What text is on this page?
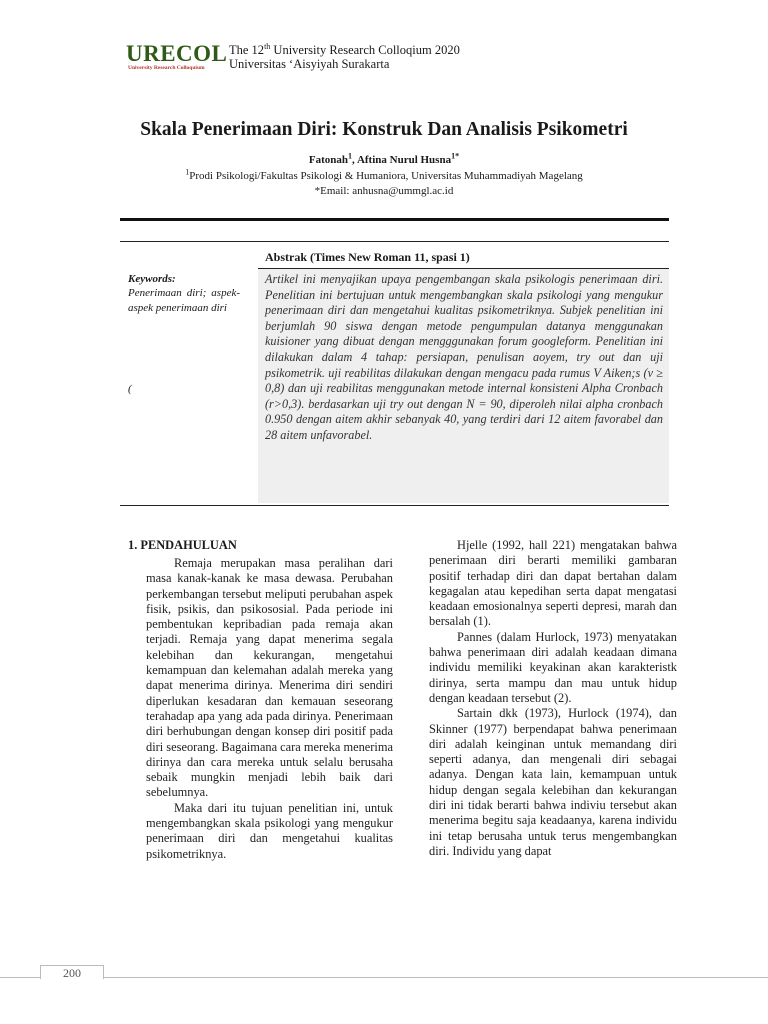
URECOL
University Research Colloquium
The 12th University Research Colloqium 2020
Universitas ‘Aisyiyah Surakarta
Skala Penerimaan Diri: Konstruk Dan Analisis Psikometri
Fatonah$^1$, Aftina Nurul Husna$^{1*}$
$^1$Prodi Psikologi/Fakultas Psikologi & Humaniora, Universitas Muhammadiyah Magelang
*Email: anhusna@ummgl.ac.id
Abstrak (Times New Roman 11, spasi 1)
Keywords:
Penerimaan diri; aspek-aspek penerimaan diri
(
Artikel ini menyajikan upaya pengembangan skala psikologis penerimaan diri. Penelitian ini bertujuan untuk mengembangkan skala psikologi yang mengukur penerimaan diri dan mengetahui kualitas psikometriknya. Subjek penelitian ini berjumlah 90 siswa dengan metode pengumpulan datanya menggunakan kuisioner yang dibuat dengan mengggunakan forum googleform. Penelitian ini dilakukan dalam 4 tahap: persiapan, penulisan aoyem, try out dan uji psikometrik. uji reabilitas dilakukan dengan mengacu pada rumus V Aiken;s (v ≥ 0,8) dan uji reabilitas menggunakan metode internal konsisteni Alpha Cronbach (r>0,3). berdasarkan uji try out dengan N = 90, diperoleh nilai alpha cronbach 0.950 dengan aitem akhir sebanyak 40, yang terdiri dari 12 aitem favorabel dan 28 aitem unfavorabel.
1. PENDAHULUAN

Remaja merupakan masa peralihan dari masa kanak-kanak ke masa dewasa. Perubahan perkembangan tersebut meliputi perubahan aspek fisik, psikis, dan psikososial. Pada periode ini pembentukan kepribadian pada remaja akan terjadi. Remaja yang dapat menerima segala kelebihan dan kekurangan, mengetahui kemampuan dan kelemahan adalah mereka yang dapat menerima dirinya. Menerima diri sendiri diperlukan kesadaran dan kemauan seseorang terahadap apa yang ada pada dirinya. Penerimaan diri berhubungan dengan konsep diri positif pada diri seseorang. Bagaimana cara mereka menerima dirinya dan cara mereka untuk selalu berusaha sebaik mungkin menjadi lebih baik dari sebelumnya.

Maka dari itu tujuan penelitian ini, untuk mengembangkan skala psikologi yang mengukur penerimaan diri dan mengetahui kualitas psikometriknya.

Hjelle (1992, hall 221) mengatakan bahwa penerimaan diri berarti memiliki gambaran positif terhadap diri dan dapat bertahan dalam kegagalan atau kepedihan serta dapat mengatasi keadaan emosionalnya seperti depresi, marah dan bersalah (1).

Pannes (dalam Hurlock, 1973) menyatakan bahwa penerimaan diri adalah keadaan dimana individu memiliki keyakinan akan karakteristk dirinya, serta mampu dan mau untuk hidup dengan keadaan tersebut (2).

Sartain dkk (1973), Hurlock (1974), dan Skinner (1977) berpendapat bahwa penerimaan diri adalah keinginan untuk memandang diri seperti adanya, dan mengenali diri sebagai adanya. Dengan kata lain, kemampuan untuk hidup dengan segala kelebihan dan kekurangan diri ini tidak berarti bahwa indiviu tersebut akan menerima begitu saja keadaanya, karena individu ini tetap berusaha untuk terus mengembangkan diri. Individu yang dapat

200
